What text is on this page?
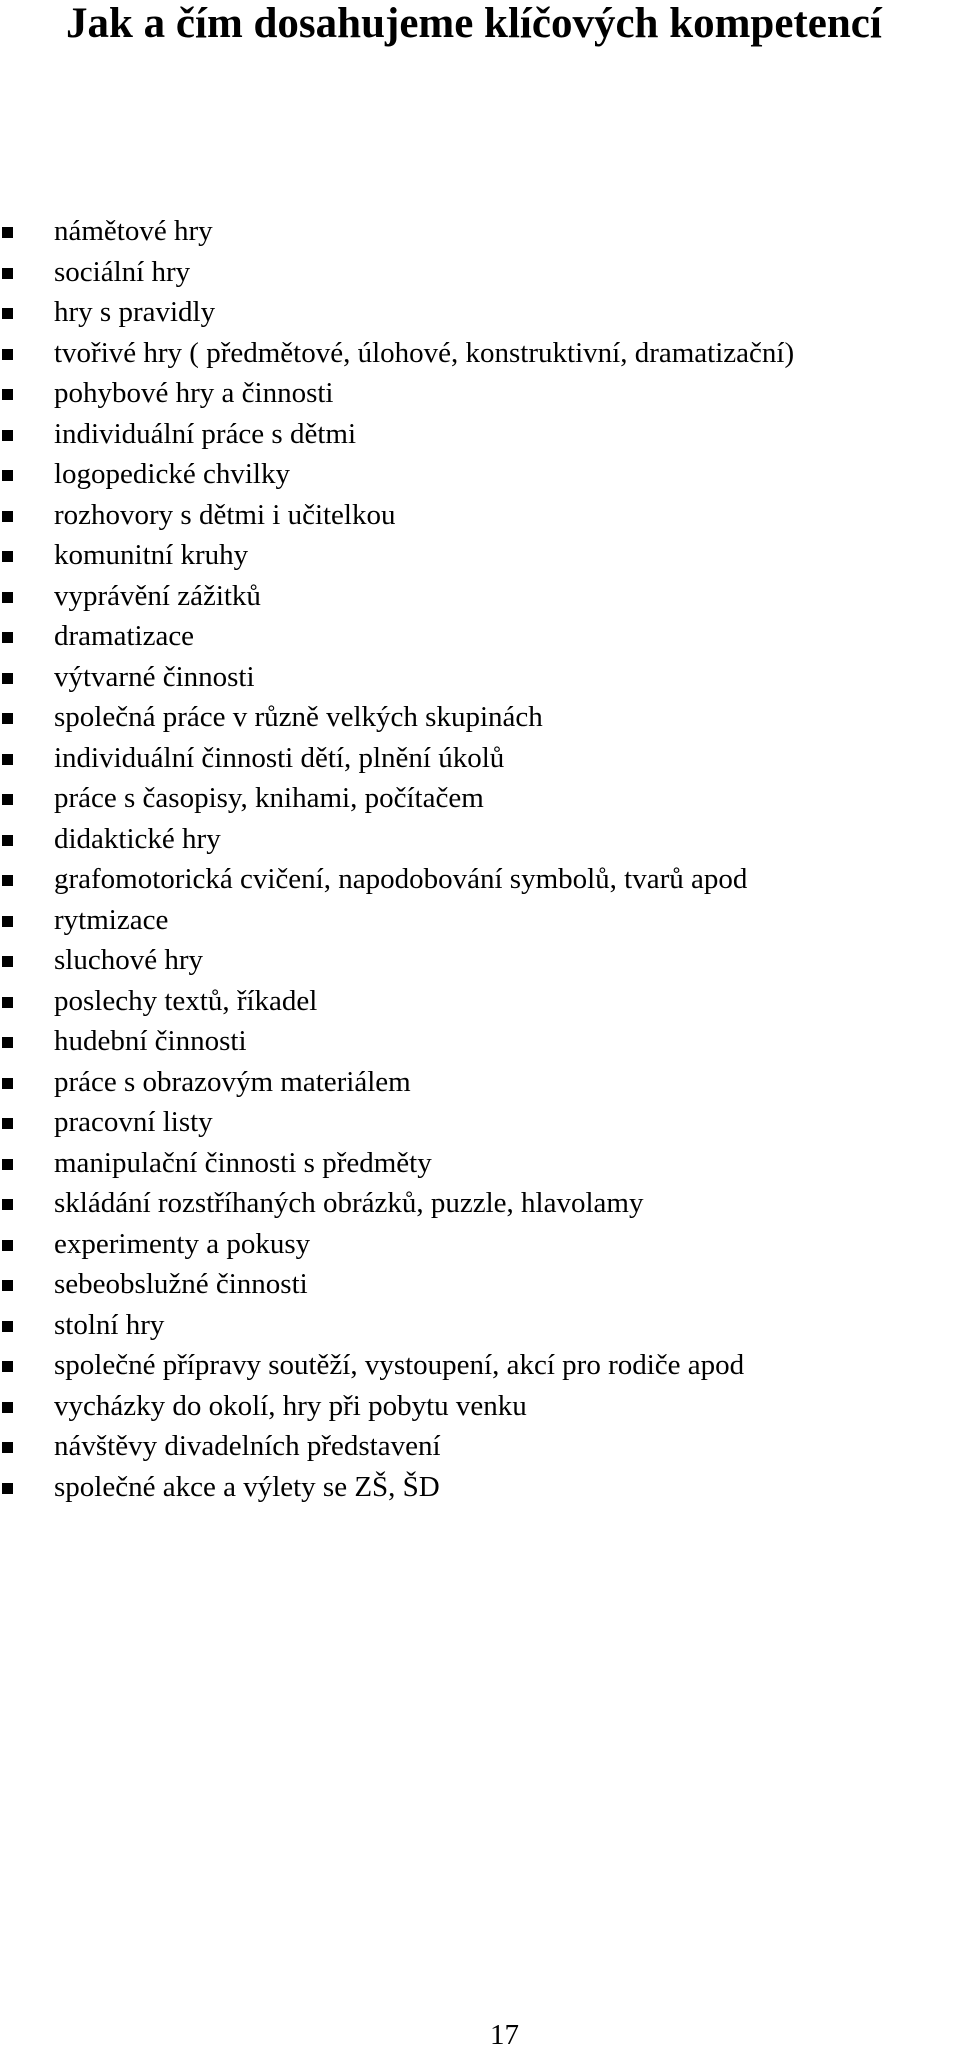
Jak a čím dosahujeme klíčových kompetencí
námětové hry
sociální hry
hry s pravidly
tvořivé hry ( předmětové, úlohové, konstruktivní, dramatizační)
pohybové hry a činnosti
individuální práce s dětmi
logopedické chvilky
rozhovory s dětmi i učitelkou
komunitní kruhy
vyprávění zážitků
dramatizace
výtvarné činnosti
společná práce v různě velkých skupinách
individuální činnosti dětí, plnění úkolů
práce s časopisy, knihami, počítačem
didaktické hry
grafomotorická cvičení, napodobování symbolů, tvarů apod
rytmizace
sluchové hry
poslechy textů, říkadel
hudební činnosti
práce s obrazovým materiálem
pracovní listy
manipulační činnosti s předměty
skládání rozstříhaných obrázků, puzzle, hlavolamy
experimenty a pokusy
sebeobslužné činnosti
stolní hry
společné přípravy soutěží, vystoupení, akcí pro rodiče apod
vycházky do okolí, hry při pobytu venku
návštěvy divadelních představení
společné akce a výlety se ZŠ, ŠD
17
